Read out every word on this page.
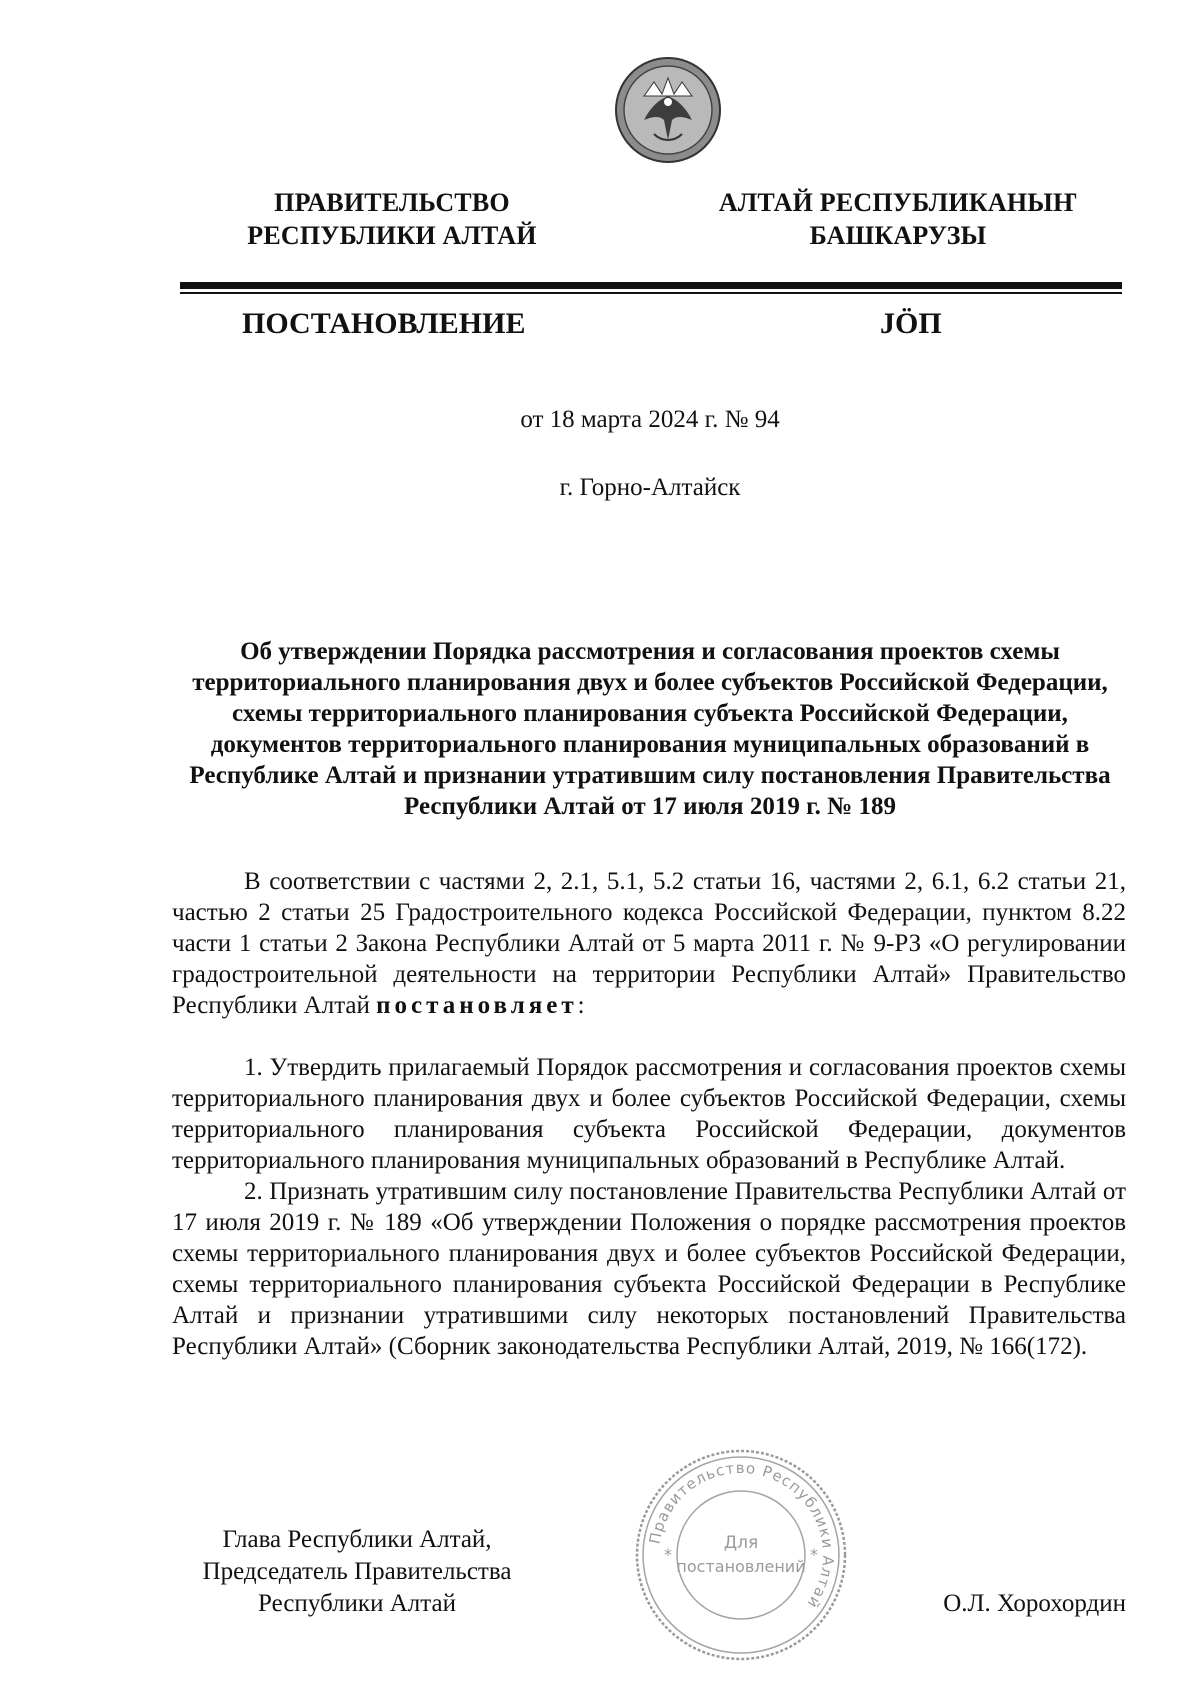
ПРАВИТЕЛЬСТВО
РЕСПУБЛИКИ АЛТАЙ
АЛТАЙ РЕСПУБЛИКАНЫҤ
БАШКАРУЗЫ
ПОСТАНОВЛЕНИЕ	JÖП
от 18 марта 2024 г. № 94
г. Горно-Алтайск
Об утверждении Порядка рассмотрения и согласования проектов схемы территориального планирования двух и более субъектов Российской Федерации, схемы территориального планирования субъекта Российской Федерации, документов территориального планирования муниципальных образований в Республике Алтай и признании утратившим силу постановления Правительства Республики Алтай от 17 июля 2019 г. № 189

В соответствии с частями 2, 2.1, 5.1, 5.2 статьи 16, частями 2, 6.1, 6.2 статьи 21, частью 2 статьи 25 Градостроительного кодекса Российской Федерации, пунктом 8.22 части 1 статьи 2 Закона Республики Алтай от 5 марта 2011 г. № 9-РЗ «О регулировании градостроительной деятельности на территории Республики Алтай» Правительство Республики Алтай постановляет:

1. Утвердить прилагаемый Порядок рассмотрения и согласования проектов схемы территориального планирования двух и более субъектов Российской Федерации, схемы территориального планирования субъекта Российской Федерации, документов территориального планирования муниципальных образований в Республике Алтай.

2. Признать утратившим силу постановление Правительства Республики Алтай от 17 июля 2019 г. № 189 «Об утверждении Положения о порядке рассмотрения проектов схемы территориального планирования двух и более субъектов Российской Федерации, схемы территориального планирования субъекта Российской Федерации в Республике Алтай и признании утратившими силу некоторых постановлений Правительства Республики Алтай» (Сборник законодательства Республики Алтай, 2019, № 166(172).

Глава Республики Алтай,
Председатель Правительства
Республики Алтай	О.Л. Хорохордин
Правительство Республики Алтай
Для
постановлений
*	*
